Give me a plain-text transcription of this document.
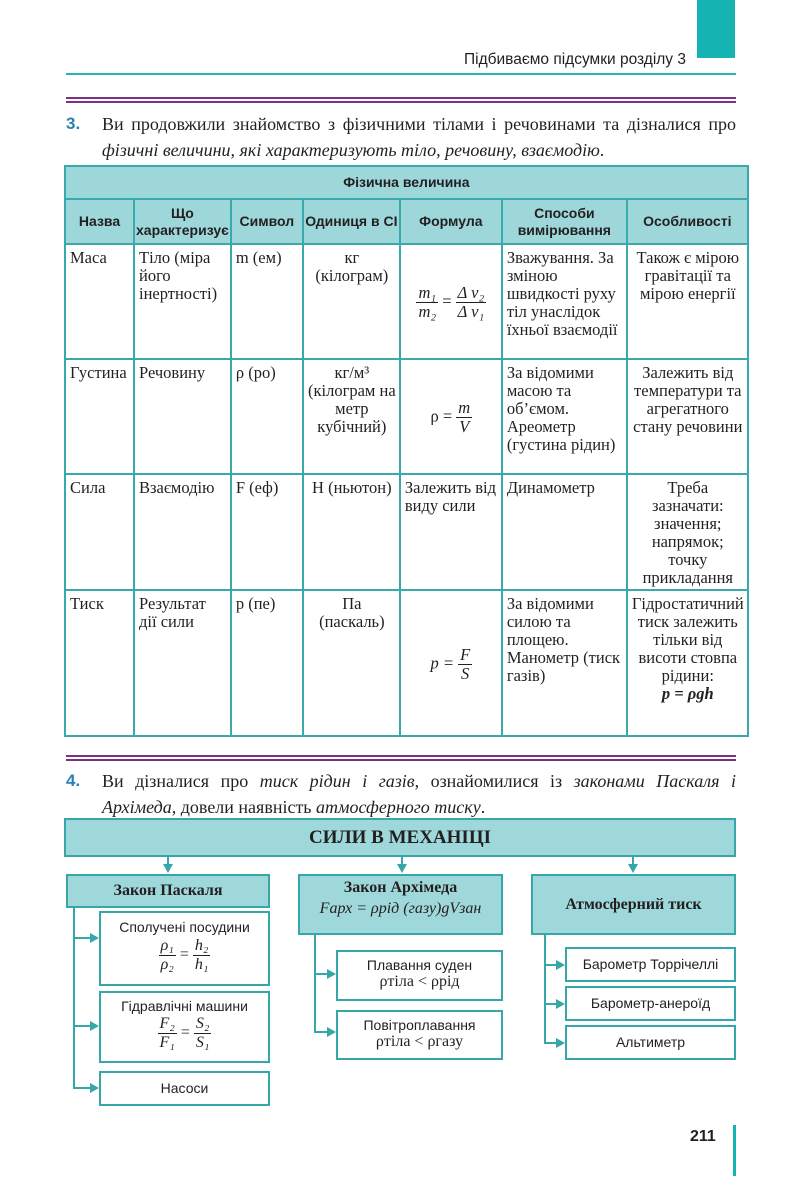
Підбиваємо підсумки розділу 3
3. Ви продовжили знайомство з фізичними тілами і речовинами та дізналися про фізичні величини, які характеризують тіло, речовину, взаємодію.
Фізична величина						
Назва	Що характеризує	Символ	Одиниця в СІ	Формула	Способи вимірювання	Особливості
Маса	Тіло (міра його інертності)	m (ем)	кг (кілограм)	$\frac{\text{m₁}}{\text{m₂}} = \frac{\text{Δ v₂}}{\text{Δ v₁}}$	Зважування. За зміною швидкості руху тіл унаслідок їхньої взаємодії	Також є мірою гравітації та мірою енергії
Густина	Речовину	ρ (ро)	кг/м³ (кілограм на метр кубічний)	$\rho = \frac{m}{V}$	За відомими масою та об’ємом. Ареометр (густина рідин)	Залежить від температури та агрегатного стану речовини
Сила	Взаємодію	F (еф)	Н (ньютон)	Залежить від виду сили	Динамометр	Треба зазначати: значення; напрямок; точку прикладання
Тиск	Результат дії сили	p (пе)	Па (паскаль)	$p = \frac{F}{S}$	За відомими силою та площею. Манометр (тиск газів)	Гідростатичний тиск залежить тільки від висоти стовпа рідини:
p = ρgh
4. Ви дізналися про тиск рідин і газів, ознайомилися із законами Паскаля і Архімеда, довели наявність атмосферного тиску.
СИЛИ В МЕХАНІЦІ
Закон Паскаля
Сполучені посудини
$\frac{\text{ρ₁}}{\text{ρ₂}} = \frac{\text{h₂}}{\text{h₁}}$
Гідравлічні машини
$\frac{\text{F₂}}{\text{F₁}} = \frac{\text{S₂}}{\text{S₁}}$
Насоси
Закон Архімеда
Fарх = ρрід (газу)gVзан
Плавання суден
ρтіла < ρрід
Повітроплавання
ρтіла < ρгазу
Атмосферний тиск
Барометр Торрічеллі
Барометр-анероїд
Альтиметр
211
